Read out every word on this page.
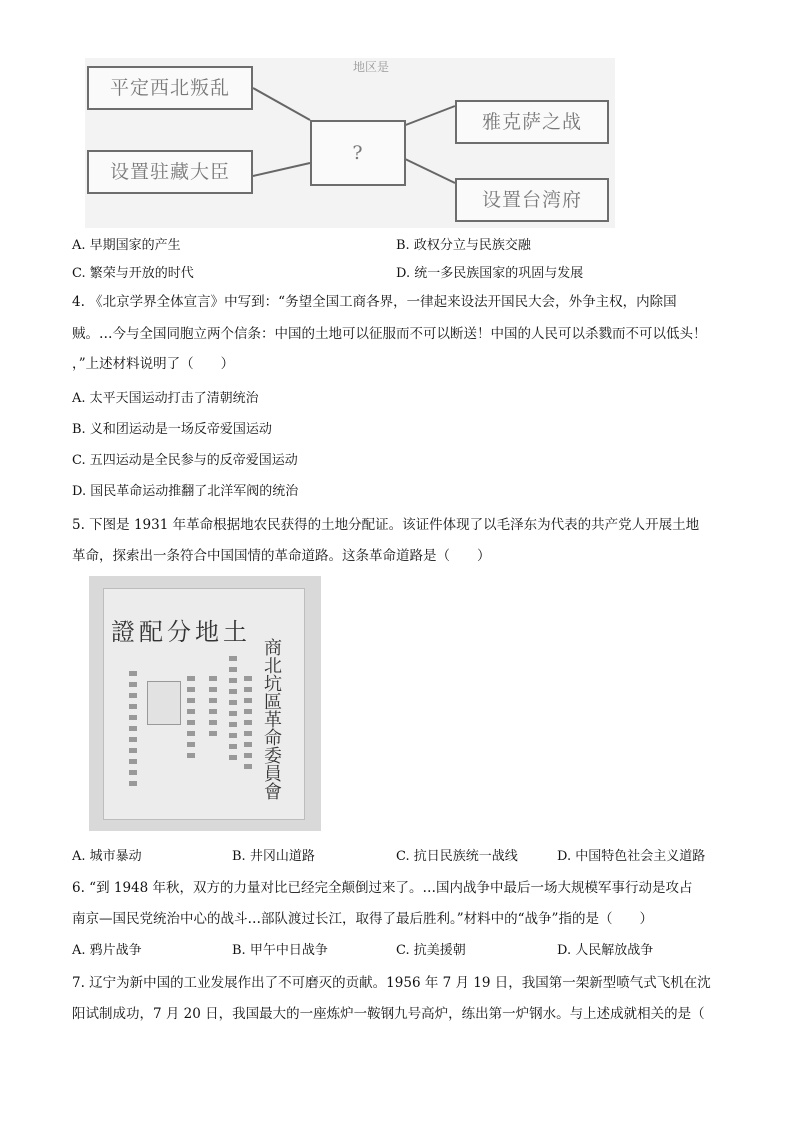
地区是
平定西北叛乱
设置驻藏大臣
?
雅克萨之战
设置台湾府
A. 早期国家的产生	B. 政权分立与民族交融
C. 繁荣与开放的时代	D. 统一多民族国家的巩固与发展
4. 《北京学界全体宣言》中写到：“务望全国工商各界，一律起来设法开国民大会，外争主权，内除国
贼。…今与全国同胞立两个信条：中国的土地可以征服而不可以断送！中国的人民可以杀戮而不可以低头！
，”上述材料说明了（　　）
A. 太平天国运动打击了清朝统治
B. 义和团运动是一场反帝爱国运动
C. 五四运动是全民参与的反帝爱国运动
D. 国民革命运动推翻了北洋军阀的统治
5. 下图是 1931 年革命根据地农民获得的土地分配证。该证件体现了以毛泽东为代表的共产党人开展土地
革命，探索出一条符合中国国情的革命道路。这条革命道路是（　　）
證配分地土
商北坑區革命委員會
A. 城市暴动	B. 井冈山道路	C. 抗日民族统一战线	D. 中国特色社会主义道路
6. “到 1948 年秋，双方的力量对比已经完全颠倒过来了。…国内战争中最后一场大规模军事行动是攻占
南京—国民党统治中心的战斗…部队渡过长江，取得了最后胜利。”材料中的“战争”指的是（　　）
A. 鸦片战争	B. 甲午中日战争	C. 抗美援朝	D. 人民解放战争
7. 辽宁为新中国的工业发展作出了不可磨灭的贡献。1956 年 7 月 19 日，我国第一架新型喷气式飞机在沈
阳试制成功，7 月 20 日，我国最大的一座炼炉一鞍钢九号高炉，练出第一炉钢水。与上述成就相关的是（
